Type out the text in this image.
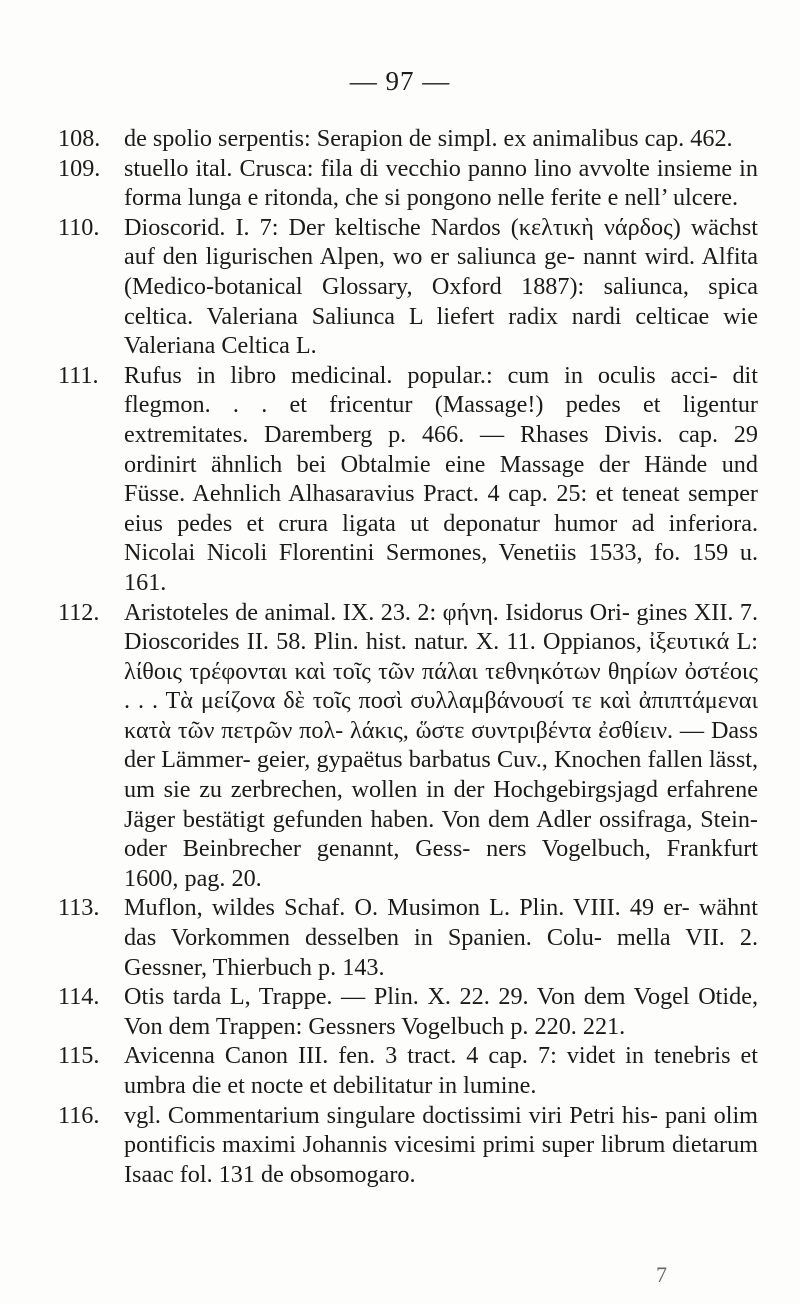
— 97 —

108. de spolio serpentis: Serapion de simpl. ex animalibus cap. 462.

109. stuello ital. Crusca: fila di vecchio panno lino avvolte insieme in forma lunga e ritonda, che si pongono nelle ferite e nell’ ulcere.

110. Dioscorid. I. 7: Der keltische Nardos (κελτικὴ νάρδος) wächst auf den ligurischen Alpen, wo er saliunca ge- nannt wird. Alfita (Medico-botanical Glossary, Oxford 1887): saliunca, spica celtica. Valeriana Saliunca L liefert radix nardi celticae wie Valeriana Celtica L.

111. Rufus in libro medicinal. popular.: cum in oculis acci- dit flegmon. . . et fricentur (Massage!) pedes et ligentur extremitates. Daremberg p. 466. — Rhases Divis. cap. 29 ordinirt ähnlich bei Obtalmie eine Massage der Hände und Füsse. Aehnlich Alhasaravius Pract. 4 cap. 25: et teneat semper eius pedes et crura ligata ut deponatur humor ad inferiora. Nicolai Nicoli Florentini Sermones, Venetiis 1533, fo. 159 u. 161.

112. Aristoteles de animal. IX. 23. 2: φήνη. Isidorus Ori- gines XII. 7. Dioscorides II. 58. Plin. hist. natur. X. 11. Oppianos, ἰξευτικά L: λίθοις τρέφονται καὶ τοῖς τῶν πάλαι τεθνηκότων θηρίων ὀστέοις . . . Τὰ μείζονα δὲ τοῖς ποσὶ συλλαμβάνουσί τε καὶ ἀπιπτάμεναι κατὰ τῶν πετρῶν πολ- λάκις, ὥστε συντριβέντα ἐσθίειν. — Dass der Lämmer- geier, gypaëtus barbatus Cuv., Knochen fallen lässt, um sie zu zerbrechen, wollen in der Hochgebirgsjagd erfahrene Jäger bestätigt gefunden haben. Von dem Adler ossifraga, Stein- oder Beinbrecher genannt, Gess- ners Vogelbuch, Frankfurt 1600, pag. 20.

113. Muflon, wildes Schaf. O. Musimon L. Plin. VIII. 49 er- wähnt das Vorkommen desselben in Spanien. Colu- mella VII. 2. Gessner, Thierbuch p. 143.

114. Otis tarda L, Trappe. — Plin. X. 22. 29. Von dem Vogel Otide, Von dem Trappen: Gessners Vogelbuch p. 220. 221.

115. Avicenna Canon III. fen. 3 tract. 4 cap. 7: videt in tenebris et umbra die et nocte et debilitatur in lumine.

116. vgl. Commentarium singulare doctissimi viri Petri his- pani olim pontificis maximi Johannis vicesimi primi super librum dietarum Isaac fol. 131 de obsomogaro.

7
